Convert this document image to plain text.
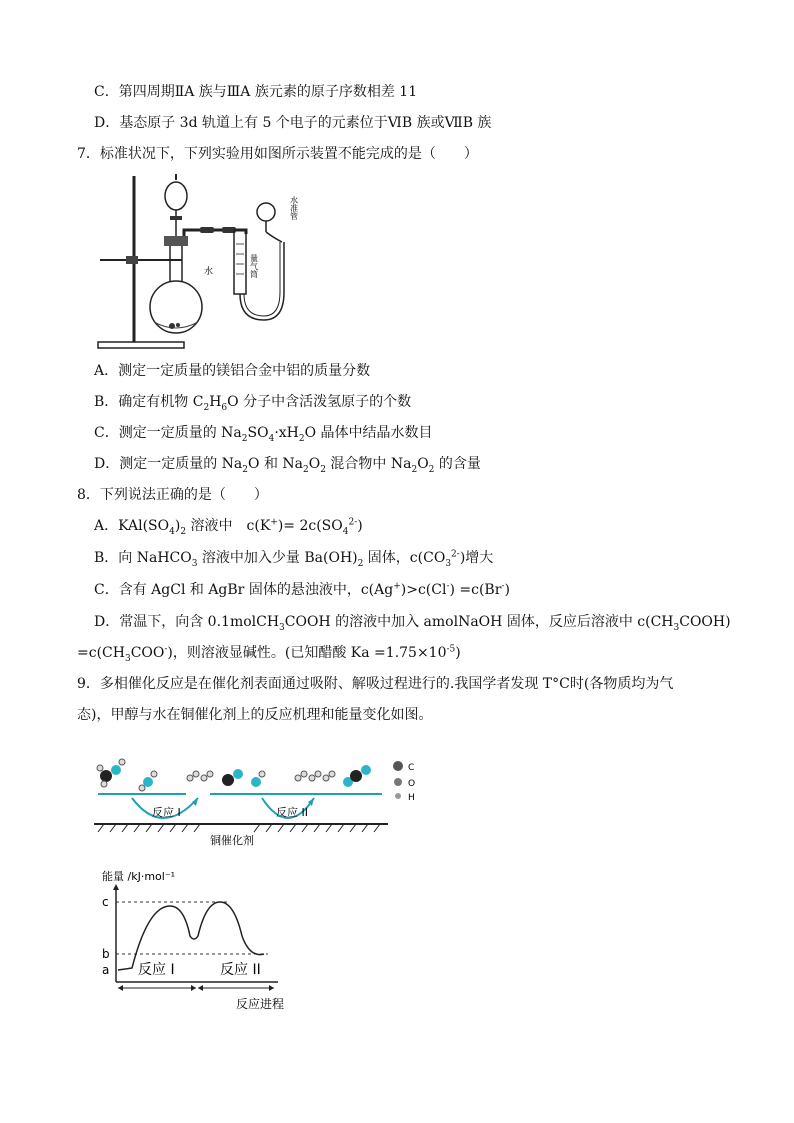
C．第四周期ⅡA 族与ⅢA 族元素的原子序数相差 11
D．基态原子 3d 轨道上有 5 个电子的元素位于ⅥB 族或ⅦB 族
7．标准状况下，下列实验用如图所示装置不能完成的是（　　）
水	量气筒
水准管
A．测定一定质量的镁铝合金中铝的质量分数
B．确定有机物 $C_2H_6O$ 分子中含活泼氢原子的个数
C．测定一定质量的 $Na_2SO_4\cdot xH_2O$ 晶体中结晶水数目
D．测定一定质量的 $Na_2O$ 和 $Na_2O_2$ 混合物中 $Na_2O_2$ 的含量
8．下列说法正确的是（　　）
A．$KAl(SO_4)_2$ 溶液中　$c(K^+)= 2c(SO_4^{2-})$
B．向 NaHCO$_3$ 溶液中加入少量 $Ba(OH)_2$ 固体，$c(CO_3^{2-})$增大
C．含有 AgCl 和 AgBr 固体的悬浊液中，c(Ag+)>c(Cl-) =c(Br-)
D．常温下，向含 0.1molCH$_3$COOH 的溶液中加入 amolNaOH 固体，反应后溶液中 $c(CH_3COOH)$
$=c(CH_3COO^-)$，则溶液显碱性。(已知醋酸 $Ka =1.75\times 10^{-5}$)
9．多相催化反应是在催化剂表面通过吸附、解吸过程进行的.我国学者发现 T°C时(各物质均为气
态)，甲醇与水在铜催化剂上的反应机理和能量变化如图。
反应 I	反应 II
C
O
H
铜催化剂
能量 /kJ·mol⁻¹
c
b
a 反应 I	反应 II
反应进程
